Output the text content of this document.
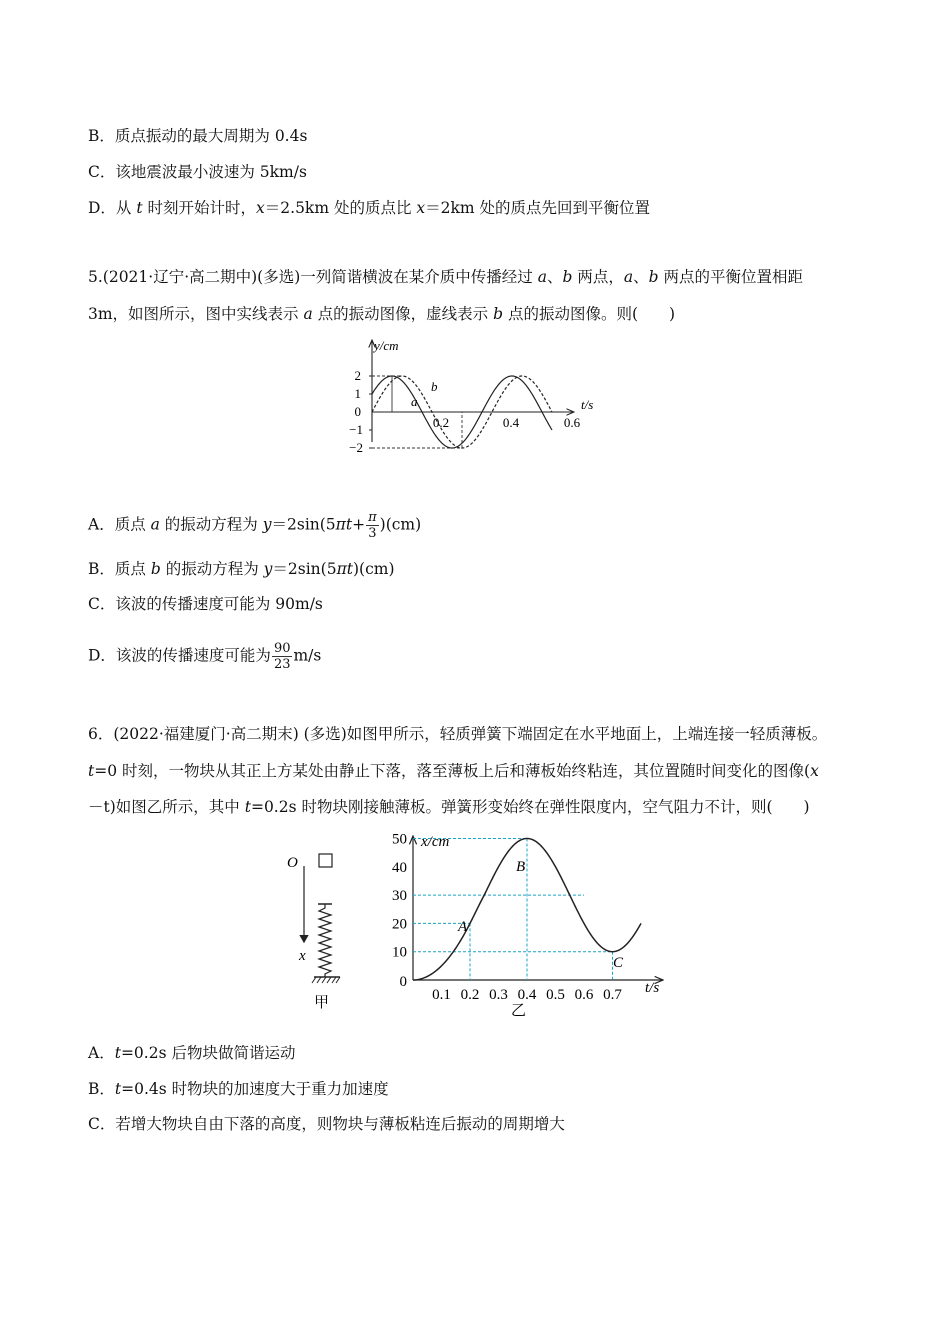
B．质点振动的最大周期为 0.4s
C．该地震波最小波速为 5km/s
D．从 t 时刻开始计时，x＝2.5km 处的质点比 x＝2km 处的质点先回到平衡位置
5.(2021·辽宁·高二期中)(多选)一列简谐横波在某介质中传播经过 a、b 两点，a、b 两点的平衡位置相距
3m，如图所示，图中实线表示 a 点的振动图像，虚线表示 b 点的振动图像。则(　　)
y/cm
t/s
2
1
0
−1
−2
0.2	0.4	0.6
a
b
A．质点 a 的振动方程为 $y=2\sin(5\pi t+ \frac{\pi}{3} )(cm)$
B．质点 b 的振动方程为 y＝2sin(5πt)(cm)
C．该波的传播速度可能为 90m/s
D．该波的传播速度可能为 $\frac{90}{23} m/s$
6．(2022·福建厦门·高二期末) (多选)如图甲所示，轻质弹簧下端固定在水平地面上，上端连接一轻质薄板。
t=0 时刻，一物块从其正上方某处由静止下落，落至薄板上后和薄板始终粘连，其位置随时间变化的图像(x
－t)如图乙所示，其中 t=0.2s 时物块刚接触薄板。弹簧形变始终在弹性限度内，空气阻力不计，则(　　)
O
x
甲
x/cm
t/s
50
40
30
20
10
0
0.1 0.2 0.3 0.4 0.5 0.6 0.7
A
B
C
乙
A．t=0.2s 后物块做简谐运动
B．t=0.4s 时物块的加速度大于重力加速度
C．若增大物块自由下落的高度，则物块与薄板粘连后振动的周期增大
